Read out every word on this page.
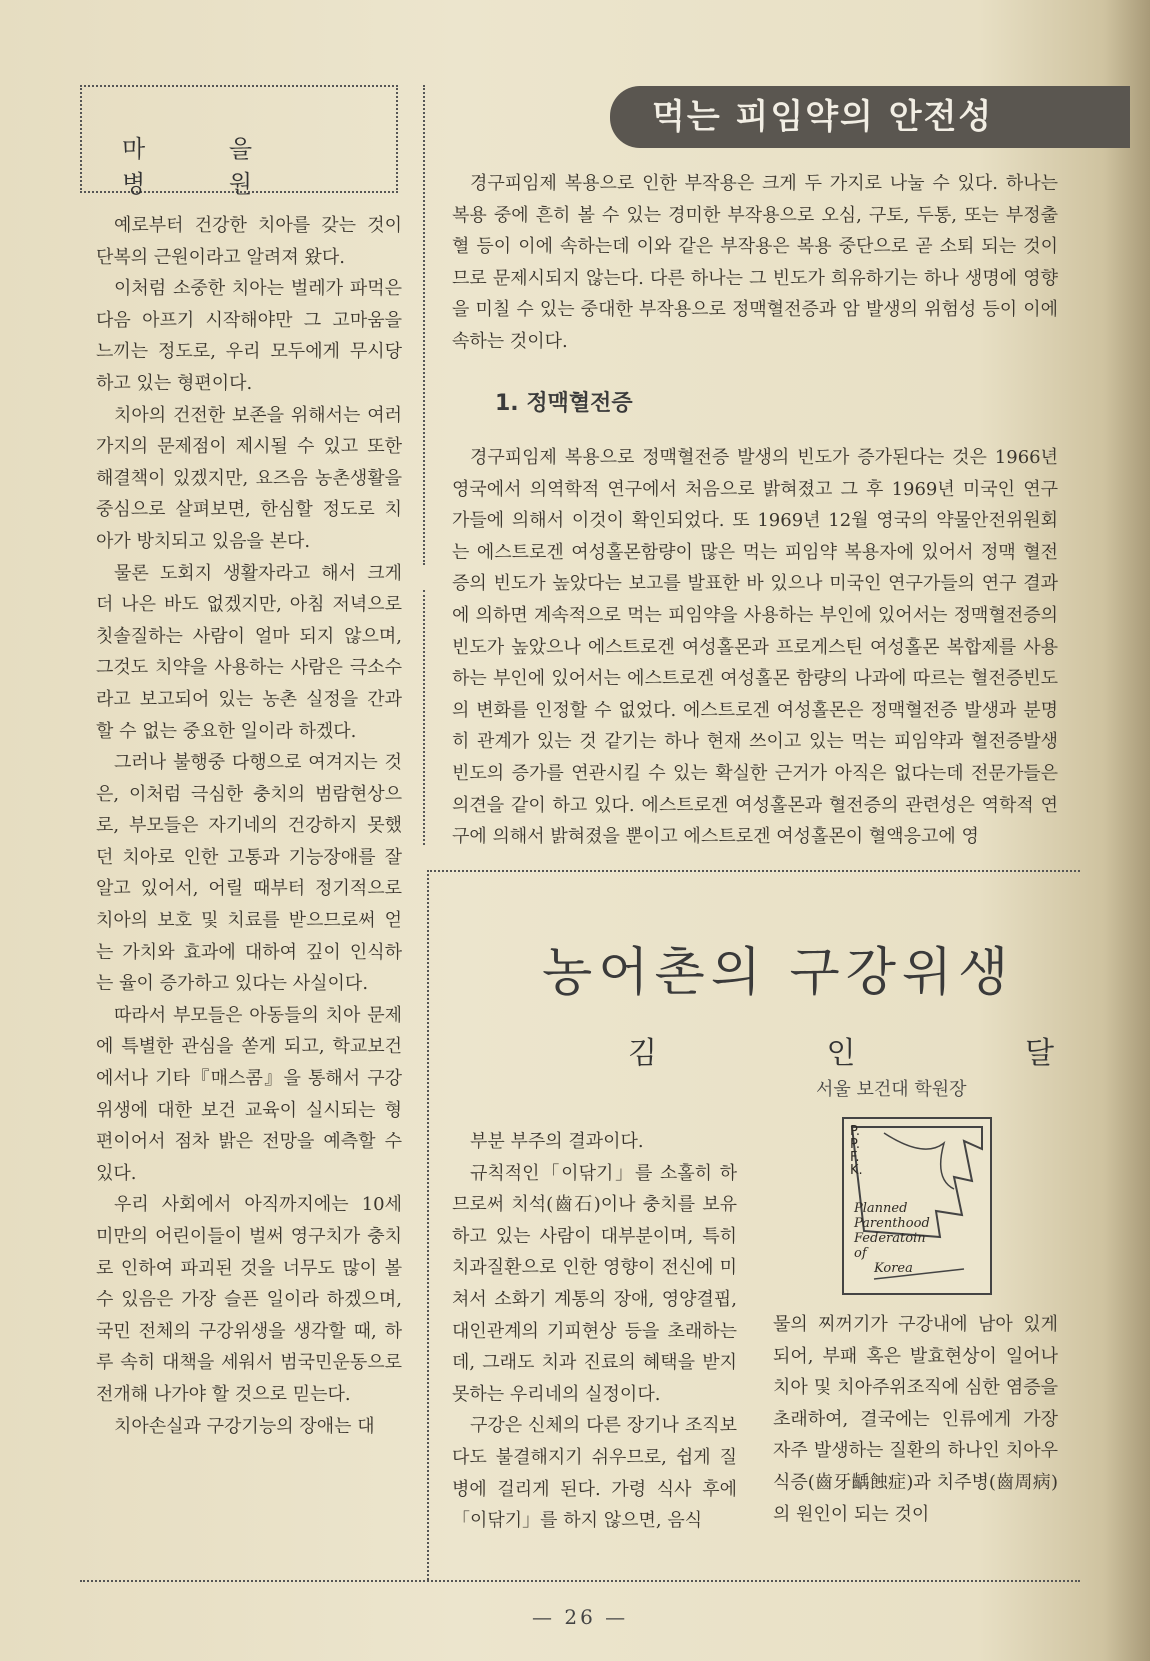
마 을 병 원

예로부터 건강한 치아를 갖는 것이 단복의 근원이라고 알려져 왔다.

이처럼 소중한 치아는 벌레가 파먹은 다음 아프기 시작해야만 그 고마움을 느끼는 정도로, 우리 모두에게 무시당하고 있는 형편이다.

치아의 건전한 보존을 위해서는 여러가지의 문제점이 제시될 수 있고 또한 해결책이 있겠지만, 요즈음 농촌생활을 중심으로 살펴보면, 한심할 정도로 치아가 방치되고 있음을 본다.

물론 도회지 생활자라고 해서 크게 더 나은 바도 없겠지만, 아침 저녁으로 칫솔질하는 사람이 얼마 되지 않으며, 그것도 치약을 사용하는 사람은 극소수라고 보고되어 있는 농촌 실정을 간과할 수 없는 중요한 일이라 하겠다.

그러나 불행중 다행으로 여겨지는 것은, 이처럼 극심한 충치의 범람현상으로, 부모들은 자기네의 건강하지 못했던 치아로 인한 고통과 기능장애를 잘 알고 있어서, 어릴 때부터 정기적으로 치아의 보호 및 치료를 받으므로써 얻는 가치와 효과에 대하여 깊이 인식하는 율이 증가하고 있다는 사실이다.

따라서 부모들은 아동들의 치아 문제에 특별한 관심을 쏟게 되고, 학교보건에서나 기타『매스콤』을 통해서 구강위생에 대한 보건 교육이 실시되는 형편이어서 점차 밝은 전망을 예측할 수 있다.

우리 사회에서 아직까지에는 10세 미만의 어린이들이 벌써 영구치가 충치로 인하여 파괴된 것을 너무도 많이 볼 수 있음은 가장 슬픈 일이라 하겠으며, 국민 전체의 구강위생을 생각할 때, 하루 속히 대책을 세워서 범국민운동으로 전개해 나가야 할 것으로 믿는다.

치아손실과 구강기능의 장애는 대

먹는 피임약의 안전성

경구피임제 복용으로 인한 부작용은 크게 두 가지로 나눌 수 있다. 하나는 복용 중에 흔히 볼 수 있는 경미한 부작용으로 오심, 구토, 두통, 또는 부정출혈 등이 이에 속하는데 이와 같은 부작용은 복용 중단으로 곧 소퇴 되는 것이므로 문제시되지 않는다. 다른 하나는 그 빈도가 희유하기는 하나 생명에 영향을 미칠 수 있는 중대한 부작용으로 정맥혈전증과 암 발생의 위험성 등이 이에 속하는 것이다.

1. 정맥혈전증

경구피임제 복용으로 정맥혈전증 발생의 빈도가 증가된다는 것은 1966년 영국에서 의역학적 연구에서 처음으로 밝혀졌고 그 후 1969년 미국인 연구 가들에 의해서 이것이 확인되었다. 또 1969년 12월 영국의 약물안전위원회는 에스트로겐 여성홀몬함량이 많은 먹는 피임약 복용자에 있어서 정맥 혈전증의 빈도가 높았다는 보고를 발표한 바 있으나 미국인 연구가들의 연구 결과에 의하면 계속적으로 먹는 피임약을 사용하는 부인에 있어서는 정맥혈전증의 빈도가 높았으나 에스트로겐 여성홀몬과 프로게스틴 여성홀몬 복합제를 사용하는 부인에 있어서는 에스트로겐 여성홀몬 함량의 나과에 따르는 혈전증빈도의 변화를 인정할 수 없었다. 에스트로겐 여성홀몬은 정맥혈전증 발생과 분명히 관계가 있는 것 같기는 하나 현재 쓰이고 있는 먹는 피임약과 혈전증발생 빈도의 증가를 연관시킬 수 있는 확실한 근거가 아직은 없다는데 전문가들은 의견을 같이 하고 있다. 에스트로겐 여성홀몬과 혈전증의 관련성은 역학적 연구에 의해서 밝혀졌을 뿐이고 에스트로겐 여성홀몬이 혈액응고에 영

농어촌의 구강위생
김 인 달
서울 보건대 학원장

부분 부주의 결과이다.

규칙적인「이닦기」를 소홀히 하므로써 치석(齒石)이나 충치를 보유하고 있는 사람이 대부분이며, 특히 치과질환으로 인한 영향이 전신에 미쳐서 소화기 계통의 장애, 영양결핍, 대인관계의 기피현상 등을 초래하는데, 그래도 치과 진료의 혜택을 받지 못하는 우리네의 실정이다.

구강은 신체의 다른 장기나 조직보다도 불결해지기 쉬우므로, 쉽게 질병에 걸리게 된다. 가령 식사 후에「이닦기」를 하지 않으면, 음식

P.
P.
F.
K.
Planned
Parenthood
Federatoin
of
Korea

물의 찌꺼기가 구강내에 남아 있게 되어, 부패 혹은 발효현상이 일어나 치아 및 치아주위조직에 심한 염증을 초래하여, 결국에는 인류에게 가장 자주 발생하는 질환의 하나인 치아우식증(齒牙齲蝕症)과 치주병(齒周病)의 원인이 되는 것이

— 26 —
